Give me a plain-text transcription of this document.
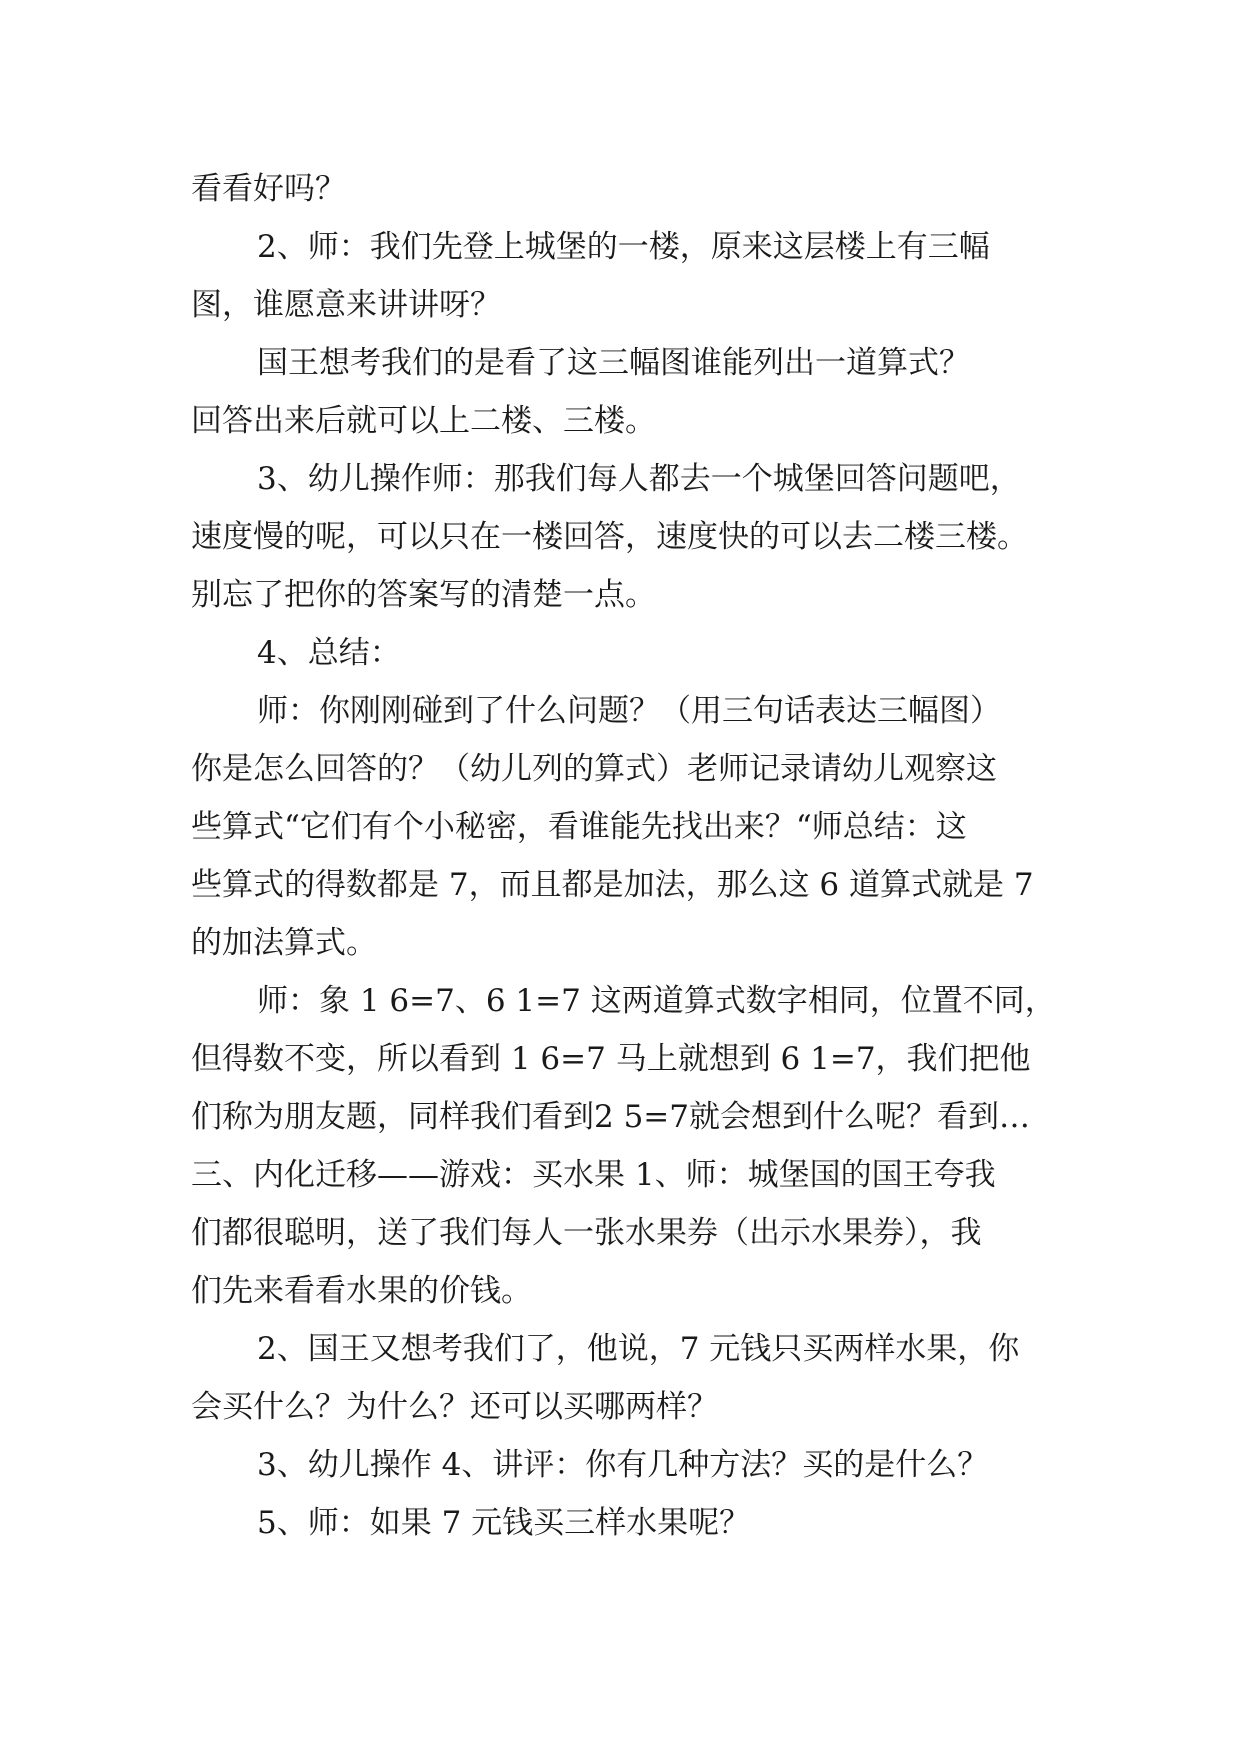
看看好吗？
2、师：我们先登上城堡的一楼，原来这层楼上有三幅
图，谁愿意来讲讲呀？
国王想考我们的是看了这三幅图谁能列出一道算式？
回答出来后就可以上二楼、三楼。
3、幼儿操作师：那我们每人都去一个城堡回答问题吧，
速度慢的呢，可以只在一楼回答，速度快的可以去二楼三楼。
别忘了把你的答案写的清楚一点。
4、总结：
师：你刚刚碰到了什么问题？（用三句话表达三幅图）
你是怎么回答的？（幼儿列的算式）老师记录请幼儿观察这
些算式“它们有个小秘密，看谁能先找出来？“师总结：这
些算式的得数都是 7，而且都是加法，那么这 6 道算式就是 7
的加法算式。
师：象 1 6=7、6 1=7 这两道算式数字相同，位置不同，
但得数不变，所以看到 1 6=7 马上就想到 6 1=7，我们把他
们称为朋友题，同样我们看到2 5=7就会想到什么呢？看到…
三、内化迁移——游戏：买水果 1、师：城堡国的国王夸我
们都很聪明，送了我们每人一张水果券（出示水果券），我
们先来看看水果的价钱。
2、国王又想考我们了，他说，7 元钱只买两样水果，你
会买什么？为什么？还可以买哪两样？
3、幼儿操作 4、讲评：你有几种方法？买的是什么？
5、师：如果 7 元钱买三样水果呢？
